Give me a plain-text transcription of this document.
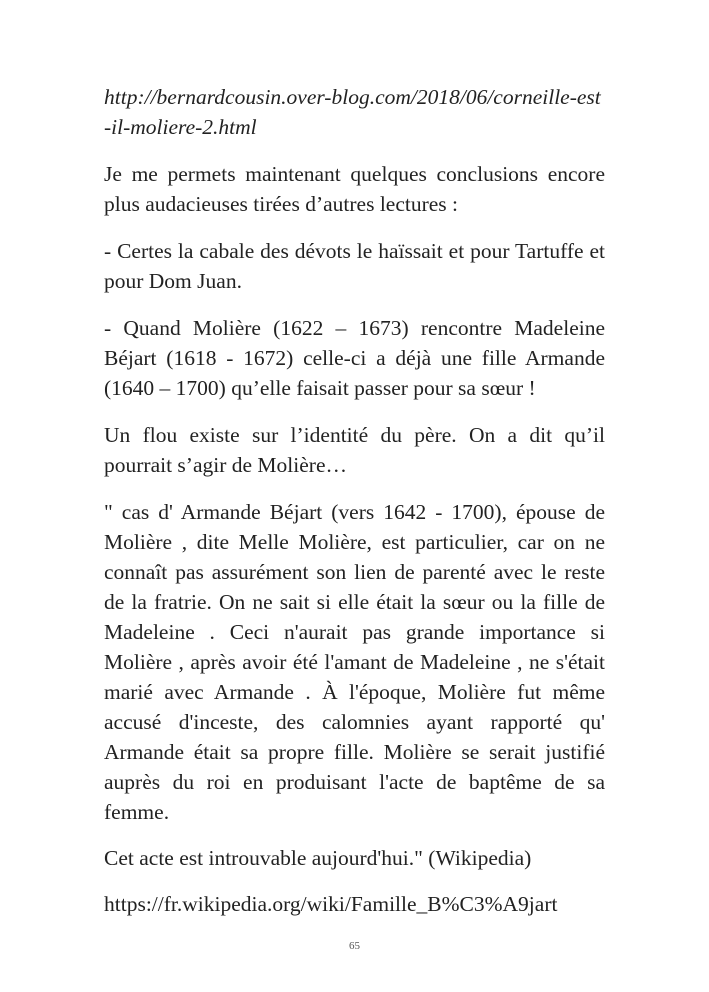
http://bernardcousin.over-blog.com/2018/06/corneille-est-il-moliere-2.html

Je me permets maintenant quelques conclusions encore plus audacieuses tirées d’autres lectures :

- Certes la cabale des dévots le haïssait et pour Tartuffe et pour Dom Juan.

- Quand Molière (1622 – 1673) rencontre Madeleine Béjart (1618 - 1672) celle-ci a déjà une fille Armande (1640 – 1700) qu’elle faisait passer pour sa sœur !

Un flou existe sur l’identité du père. On a dit qu’il pourrait s’agir de Molière…

" cas d' Armande Béjart (vers 1642 - 1700), épouse de Molière , dite Melle Molière, est particulier, car on ne connaît pas assurément son lien de parenté avec le reste de la fratrie. On ne sait si elle était la sœur ou la fille de Madeleine . Ceci n'aurait pas grande importance si Molière , après avoir été l'amant de Madeleine , ne s'était marié avec Armande . À l'époque, Molière fut même accusé d'inceste, des calomnies ayant rapporté qu' Armande était sa propre fille. Molière se serait justifié auprès du roi en produisant l'acte de baptême de sa femme.

Cet acte est introuvable aujourd'hui." (Wikipedia)

https://fr.wikipedia.org/wiki/Famille_B%C3%A9jart

65
